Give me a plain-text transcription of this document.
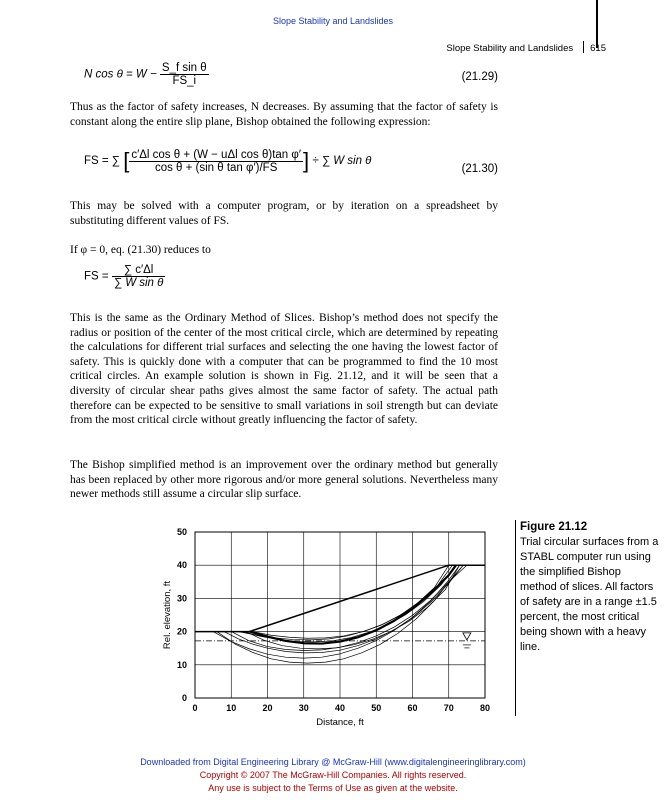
Slope Stability and Landslides
Slope Stability and Landslides 615
N $\cos \theta = W - \frac{\text{S\_f sin θ}}{FS\_i}$	(21.29)
Thus as the factor of safety increases, N decreases. By assuming that the factor of safety is constant along the entire slip plane, Bishop obtained the following expression:
FS = ∑ [ $\frac{\text{c′Δl cos θ + (W − uΔl cos θ)tan φ′}}{\text{cos θ + (sin θ tan φ′)/FS}}$ ] ÷ ∑ W sin θ
(21.30)
This may be solved with a computer program, or by iteration on a spreadsheet by substituting different values of FS.
If φ = 0, eq. (21.30) reduces to
FS = $\frac{\sum c'\Delta l}{\text{∑ W sin θ}}$
This is the same as the Ordinary Method of Slices. Bishop’s method does not specify the radius or position of the center of the most critical circle, which are determined by repeating the calculations for different trial surfaces and selecting the one having the lowest factor of safety. This is quickly done with a computer that can be programmed to find the 10 most critical circles. An example solution is shown in Fig. 21.12, and it will be seen that a diversity of circular shear paths gives almost the same factor of safety. The actual path therefore can be expected to be sensitive to small variations in soil strength but can deviate from the most critical circle without greatly influencing the factor of safety.
The Bishop simplified method is an improvement over the ordinary method but generally has been replaced by other more rigorous and/or more general solutions. Nevertheless many newer methods still assume a circular slip surface.
0	10	20	30	40	50	60	70	80
0
10
20
30
40
50
Distance, ft
Rel. elevation, ft
Figure 21.12
Trial circular surfaces from a STABL computer run using the simplified Bishop method of slices. All factors of safety are in a range ±1.5 percent, the most critical being shown with a heavy line.
Downloaded from Digital Engineering Library @ McGraw-Hill (www.digitalengineeringlibrary.com)
Copyright © 2007 The McGraw-Hill Companies. All rights reserved.
Any use is subject to the Terms of Use as given at the website.
